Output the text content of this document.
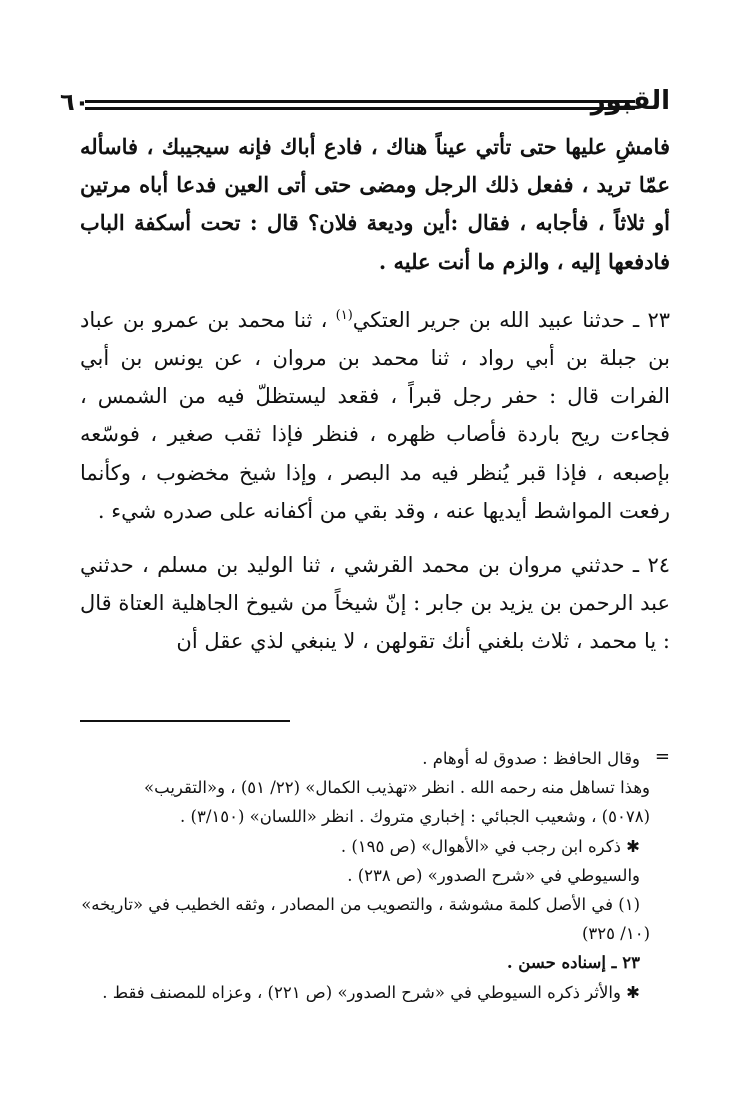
القبور
٦٠

فامشِ عليها حتى تأتي عيناً هناك ، فادع أباك فإنه سيجيبك ، فاسأله عمّا تريد ، ففعل ذلك الرجل ومضى حتى أتى العين فدعا أباه مرتين أو ثلاثاً ، فأجابه ، فقال :أين وديعة فلان؟ قال : تحت أسكفة الباب فادفعها إليه ، والزم ما أنت عليه .

٢٣ ـ حدثنا عبيد الله بن جرير العتكي$^{(١)}$ ، ثنا محمد بن عمرو بن عباد بن جبلة بن أبي رواد ، ثنا محمد بن مروان ، عن يونس بن أبي الفرات قال : حفر رجل قبراً ، فقعد ليستظلّ فيه من الشمس ، فجاءت ريح باردة فأصاب ظهره ، فنظر فإذا ثقب صغير ، فوسّعه بإصبعه ، فإذا قبر يُنظر فيه مد البصر ، وإذا شيخ مخضوب ، وكأنما رفعت المواشط أيديها عنه ، وقد بقي من أكفانه على صدره شيء .

٢٤ ـ حدثني مروان بن محمد القرشي ، ثنا الوليد بن مسلم ، حدثني عبد الرحمن بن يزيد بن جابر : إنّ شيخاً من شيوخ الجاهلية العتاة قال : يا محمد ، ثلاث بلغني أنك تقولهن ، لا ينبغي لذي عقل أن

=

وقال الحافظ : صدوق له أوهام .

وهذا تساهل منه رحمه الله . انظر «تهذيب الكمال» (٢٢/ ٥١) ، و«التقريب»

(٥٠٧٨) ، وشعيب الجبائي : إخباري متروك . انظر «اللسان» (٣/١٥٠) .

✱ ذكره ابن رجب في «الأهوال» (ص ١٩٥) .

والسيوطي في «شرح الصدور» (ص ٢٣٨) .

(١) في الأصل كلمة مشوشة ، والتصويب من المصادر ، وثقه الخطيب في «تاريخه»

(١٠/ ٣٢٥)

٢٣ ـ إسناده حسن .

✱ والأثر ذكره السيوطي في «شرح الصدور» (ص ٢٢١) ، وعزاه للمصنف فقط .
